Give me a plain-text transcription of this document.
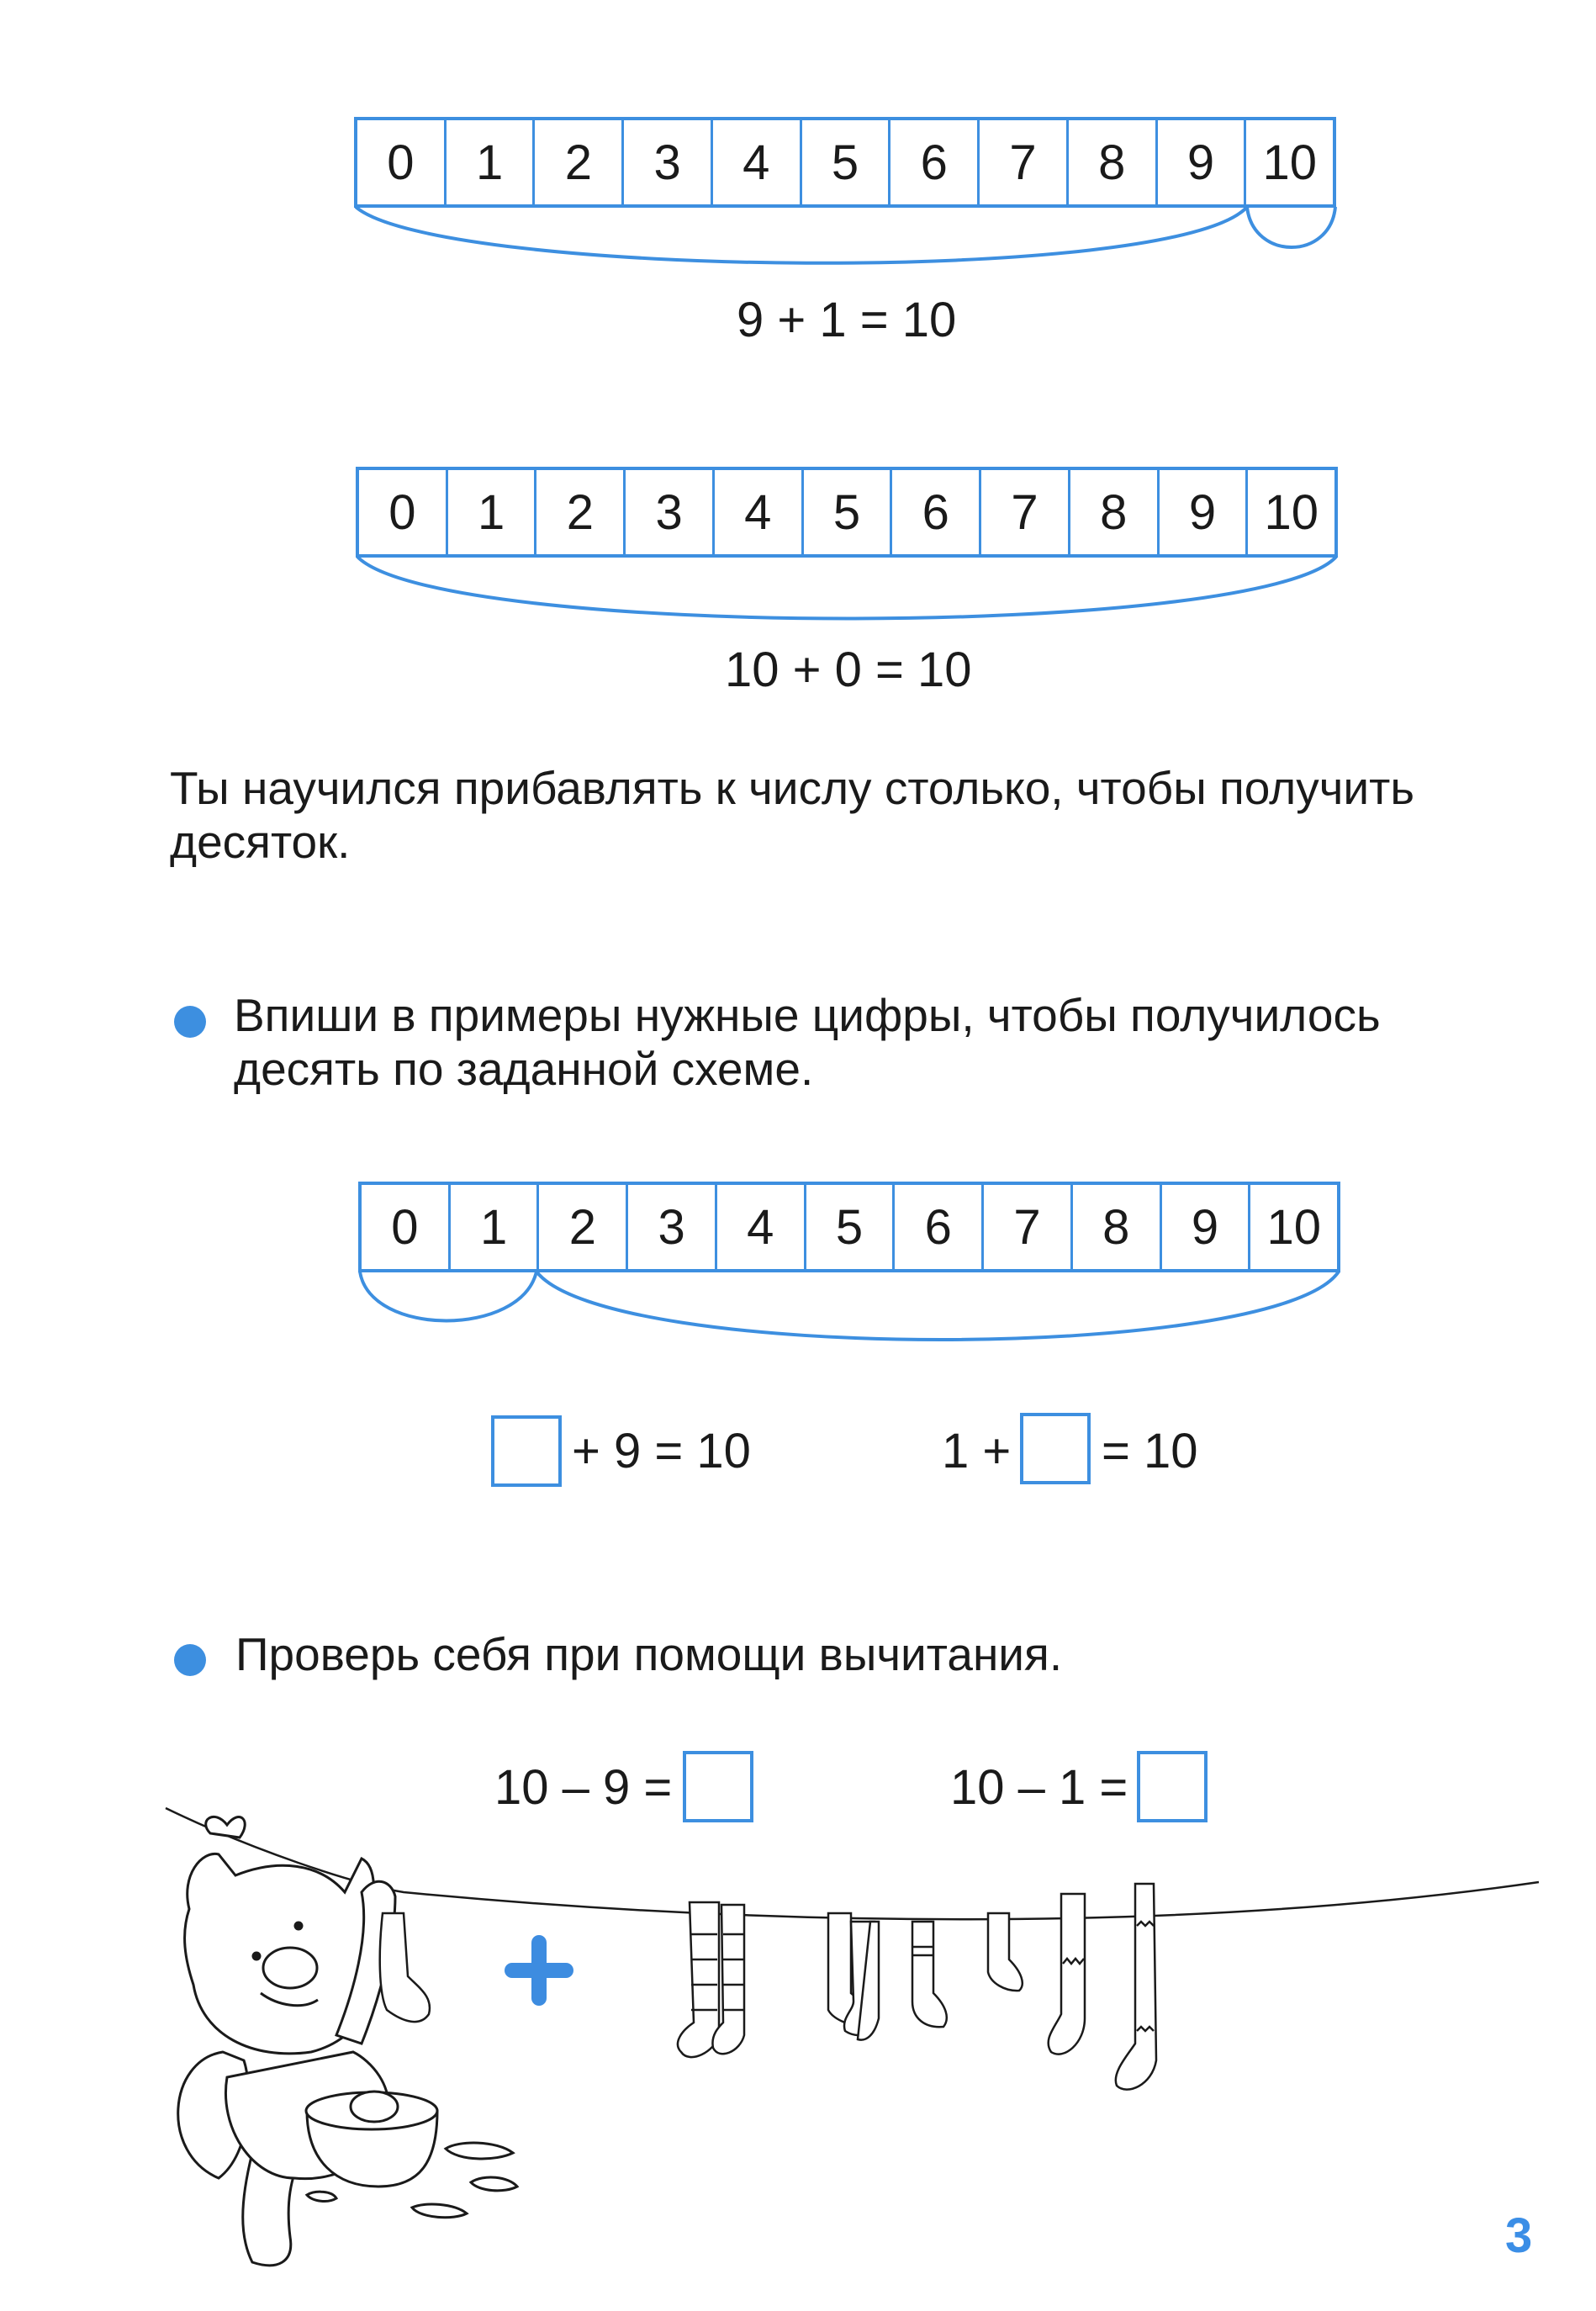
0	1	2	3	4	5	6	7	8	9 10
9 + 1 = 10
0	1	2	3	4	5	6	7	8	9 10
10 + 0 = 10
Ты научился прибавлять к числу столько, чтобы получить
десяток.
Впиши в примеры нужные цифры, чтобы получилось
десять по заданной схеме.
0	1	2	3	4	5	6	7	8	9 10
+ 9 = 10	1 + = 10
Проверь себя при помощи вычитания.
10 – 9 =	10 – 1 =
3
